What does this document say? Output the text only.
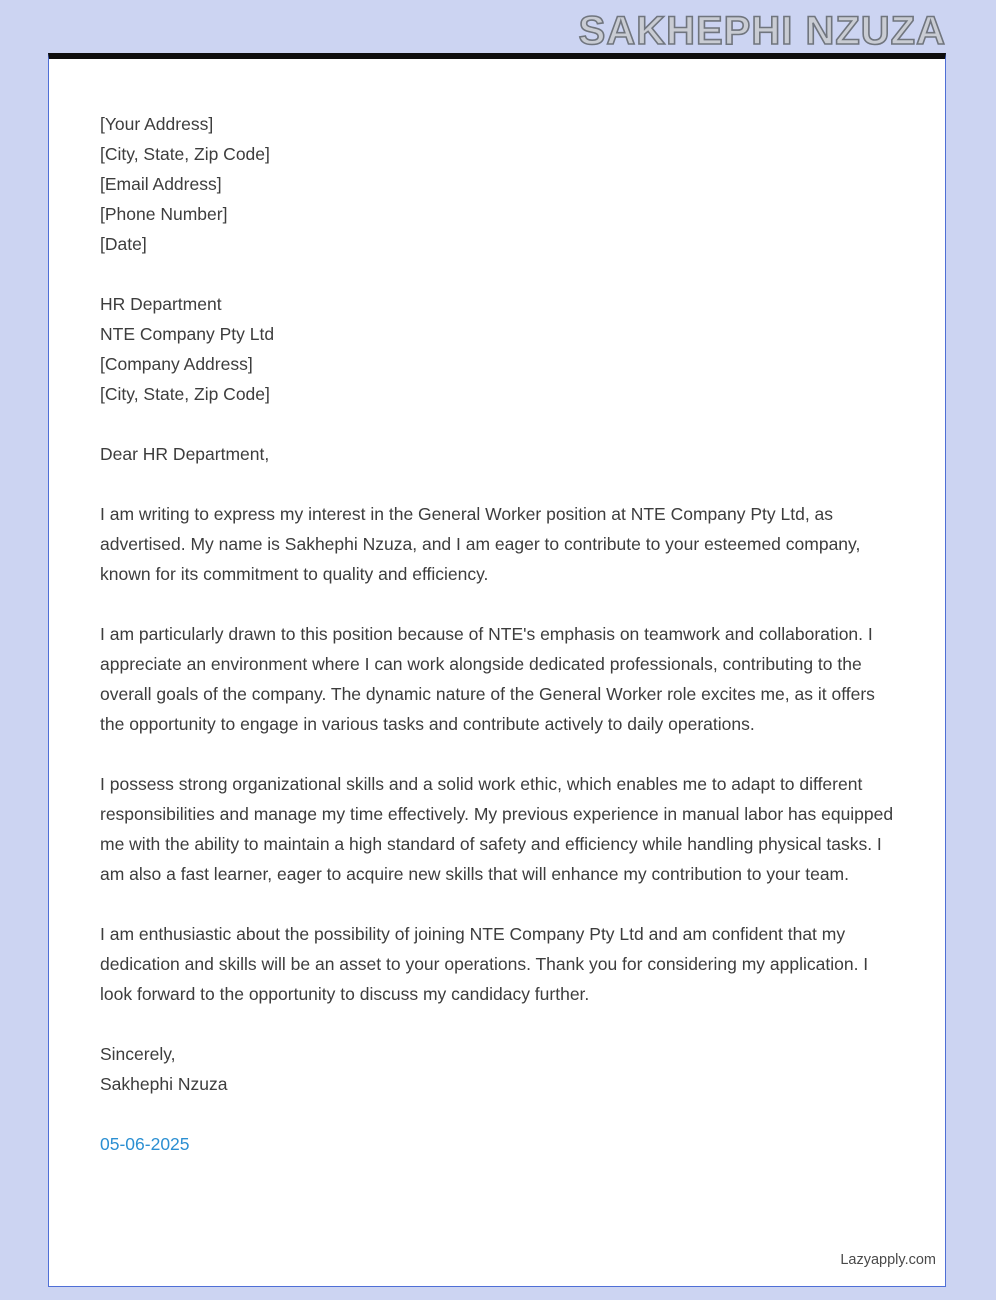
SAKHEPHI NZUZA

[Your Address]

[City, State, Zip Code]

[Email Address]

[Phone Number]

[Date]

HR Department

NTE Company Pty Ltd

[Company Address]

[City, State, Zip Code]

Dear HR Department,

I am writing to express my interest in the General Worker position at NTE Company Pty Ltd, as advertised. My name is Sakhephi Nzuza, and I am eager to contribute to your esteemed company, known for its commitment to quality and efficiency.

I am particularly drawn to this position because of NTE's emphasis on teamwork and collaboration. I appreciate an environment where I can work alongside dedicated professionals, contributing to the overall goals of the company. The dynamic nature of the General Worker role excites me, as it offers the opportunity to engage in various tasks and contribute actively to daily operations.

I possess strong organizational skills and a solid work ethic, which enables me to adapt to different responsibilities and manage my time effectively. My previous experience in manual labor has equipped me with the ability to maintain a high standard of safety and efficiency while handling physical tasks. I am also a fast learner, eager to acquire new skills that will enhance my contribution to your team.

I am enthusiastic about the possibility of joining NTE Company Pty Ltd and am confident that my dedication and skills will be an asset to your operations. Thank you for considering my application. I look forward to the opportunity to discuss my candidacy further.

Sincerely,

Sakhephi Nzuza

05-06-2025

Lazyapply.com
